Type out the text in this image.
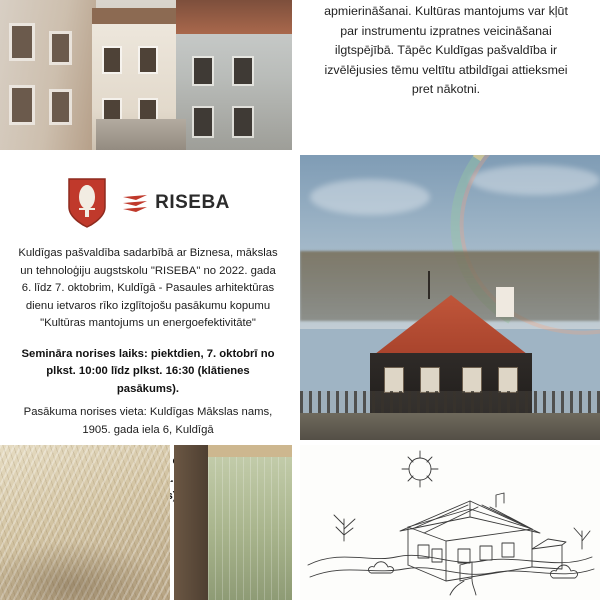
apmierināšanai. Kultūras mantojums var kļūt par instrumentu izpratnes veicināšanai ilgtspējībā. Tāpēc Kuldīgas pašvaldība ir izvēlējusies tēmu veltītu atbildīgai attieksmei pret nākotni.

RISEBA

Kuldīgas pašvaldība sadarbībā ar Biznesa, mākslas un tehnoloģiju augstskolu "RISEBA" no 2022. gada 6. līdz 7. oktobrim, Kuldīgā - Pasaules arhitektūras dienu ietvaros rīko izglītojošu pasākumu kopumu "Kultūras mantojums un energoefektivitāte"

Semināra norises laiks: piektdien, 7. oktobrī no plkst. 10:00 līdz plkst. 16:30 (klātienes pasākums).

Pasākuma norises vieta: Kuldīgas Mākslas nams, 1905. gada iela 6, Kuldīgā
